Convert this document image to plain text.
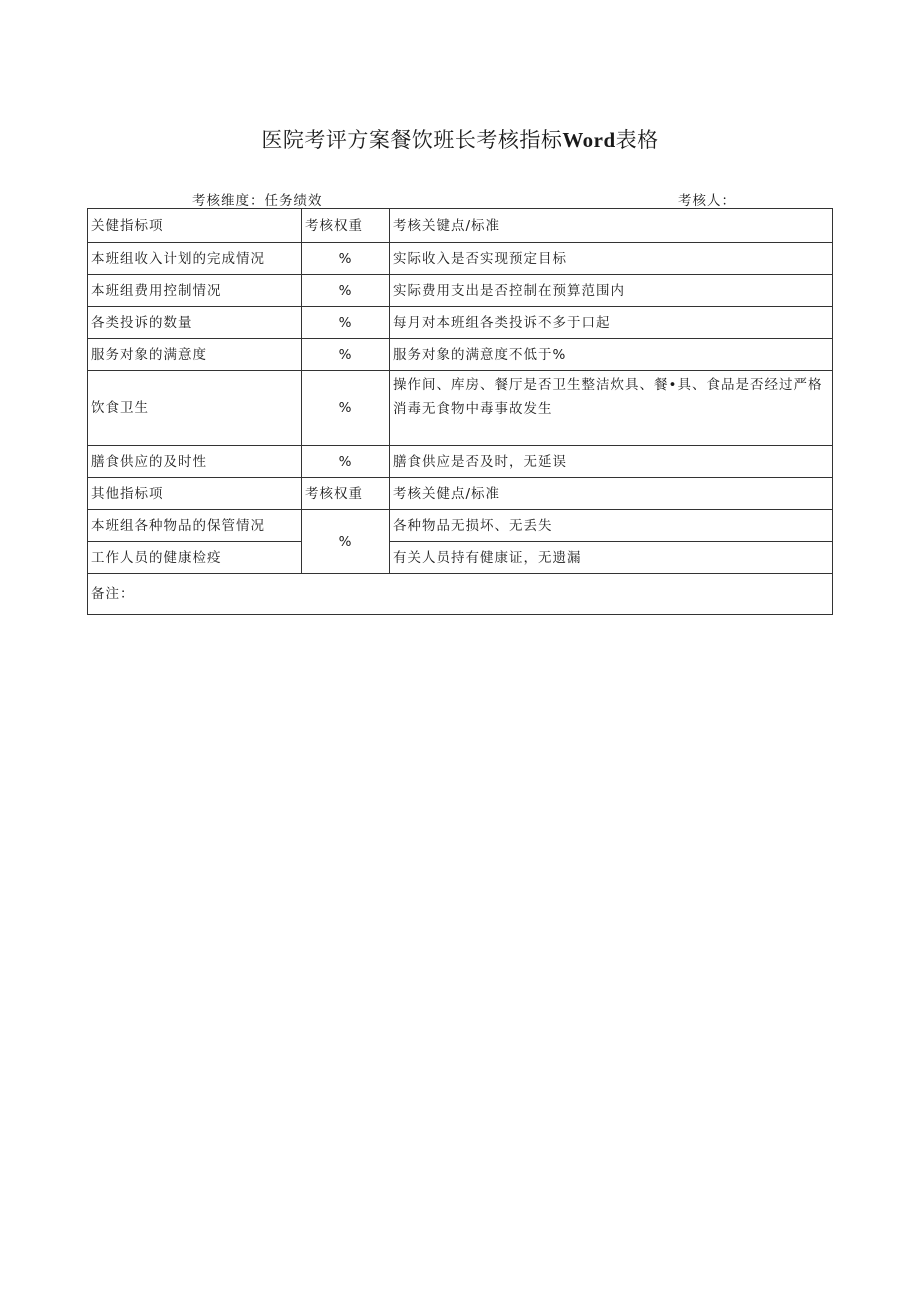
医院考评方案餐饮班长考核指标Word表格
考核维度：任务绩效	考核人：
关健指标项	考核权重	考核关键点/标准
本班组收入计划的完成情况	%	实际收入是否实现预定目标
本班组费用控制情况	%	实际费用支出是否控制在预算范围内
各类投诉的数量	%	每月对本班组各类投诉不多于口起
服务对象的满意度	%	服务对象的满意度不低于%
饮食卫生	%	操作间、库房、餐厅是否卫生整洁炊具、餐•具、食品是否经过严格消毒无食物中毒事故发生
膳食供应的及时性	%	膳食供应是否及时，无延误
其他指标项	考核权重	考核关健点/标准
本班组各种物品的保管情况	%	各种物品无损坏、无丢失
工作人员的健康检疫		有关人员持有健康证，无遗漏
备注：		
